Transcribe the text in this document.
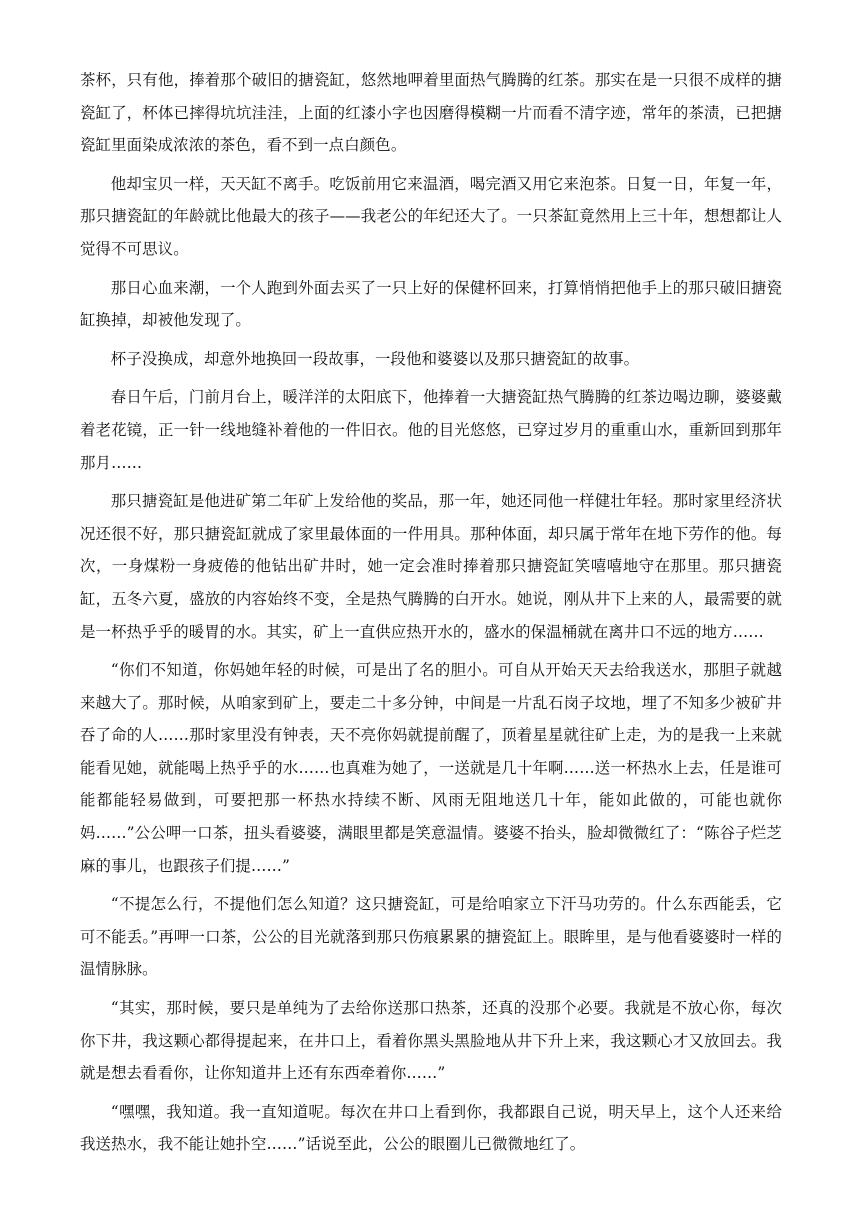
茶杯，只有他，捧着那个破旧的搪瓷缸，悠然地呷着里面热气腾腾的红茶。那实在是一只很不成样的搪瓷缸了，杯体已摔得坑坑洼洼，上面的红漆小字也因磨得模糊一片而看不清字迹，常年的茶渍，已把搪瓷缸里面染成浓浓的茶色，看不到一点白颜色。

他却宝贝一样，天天缸不离手。吃饭前用它来温酒，喝完酒又用它来泡茶。日复一日，年复一年，那只搪瓷缸的年龄就比他最大的孩子——我老公的年纪还大了。一只茶缸竟然用上三十年，想想都让人觉得不可思议。

那日心血来潮，一个人跑到外面去买了一只上好的保健杯回来，打算悄悄把他手上的那只破旧搪瓷缸换掉，却被他发现了。

杯子没换成，却意外地换回一段故事，一段他和婆婆以及那只搪瓷缸的故事。

春日午后，门前月台上，暖洋洋的太阳底下，他捧着一大搪瓷缸热气腾腾的红茶边喝边聊，婆婆戴着老花镜，正一针一线地缝补着他的一件旧衣。他的目光悠悠，已穿过岁月的重重山水，重新回到那年那月……

那只搪瓷缸是他进矿第二年矿上发给他的奖品，那一年，她还同他一样健壮年轻。那时家里经济状况还很不好，那只搪瓷缸就成了家里最体面的一件用具。那种体面，却只属于常年在地下劳作的他。每次，一身煤粉一身疲倦的他钻出矿井时，她一定会准时捧着那只搪瓷缸笑嘻嘻地守在那里。那只搪瓷缸，五冬六夏，盛放的内容始终不变，全是热气腾腾的白开水。她说，刚从井下上来的人，最需要的就是一杯热乎乎的暖胃的水。其实，矿上一直供应热开水的，盛水的保温桶就在离井口不远的地方……

“你们不知道，你妈她年轻的时候，可是出了名的胆小。可自从开始天天去给我送水，那胆子就越来越大了。那时候，从咱家到矿上，要走二十多分钟，中间是一片乱石岗子坟地，埋了不知多少被矿井吞了命的人……那时家里没有钟表，天不亮你妈就提前醒了，顶着星星就往矿上走，为的是我一上来就能看见她，就能喝上热乎乎的水……也真难为她了，一送就是几十年啊……送一杯热水上去，任是谁可能都能轻易做到，可要把那一杯热水持续不断、风雨无阻地送几十年，能如此做的，可能也就你妈……”公公呷一口茶，扭头看婆婆，满眼里都是笑意温情。婆婆不抬头，脸却微微红了：“陈谷子烂芝麻的事儿，也跟孩子们提……”

“不提怎么行，不提他们怎么知道？这只搪瓷缸，可是给咱家立下汗马功劳的。什么东西能丢，它可不能丢。”再呷一口茶，公公的目光就落到那只伤痕累累的搪瓷缸上。眼眸里，是与他看婆婆时一样的温情脉脉。

“其实，那时候，要只是单纯为了去给你送那口热茶，还真的没那个必要。我就是不放心你，每次你下井，我这颗心都得提起来，在井口上，看着你黑头黑脸地从井下升上来，我这颗心才又放回去。我就是想去看看你，让你知道井上还有东西牵着你……”

“嘿嘿，我知道。我一直知道呢。每次在井口上看到你，我都跟自己说，明天早上，这个人还来给我送热水，我不能让她扑空……”话说至此，公公的眼圈儿已微微地红了。
